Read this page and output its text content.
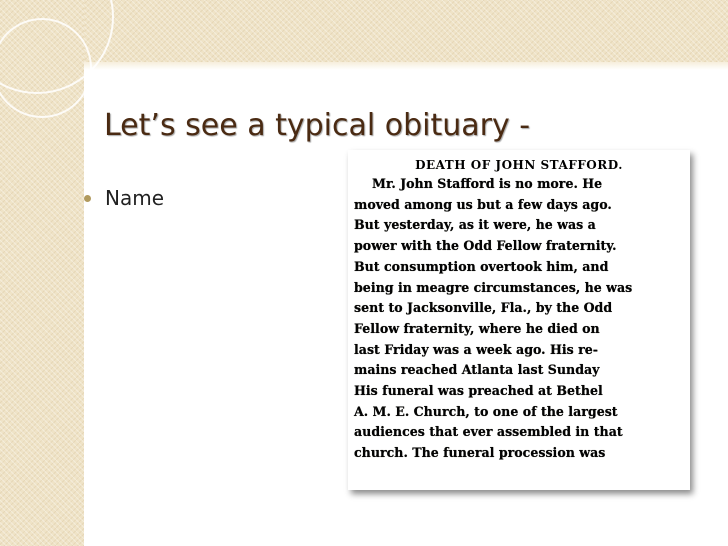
Let’s see a typical obituary -
Name
DEATH OF JOHN STAFFORD.
Mr. John Stafford is no more. He
moved among us but a few days ago.
But yesterday, as it were, he was a
power with the Odd Fellow fraternity.
But consumption overtook him, and
being in meagre circumstances, he was
sent to Jacksonville, Fla., by the Odd
Fellow fraternity, where he died on
last Friday was a week ago. His re-
mains reached Atlanta last Sunday
His funeral was preached at Bethel
A. M. E. Church, to one of the largest
audiences that ever assembled in that
church. The funeral procession was
